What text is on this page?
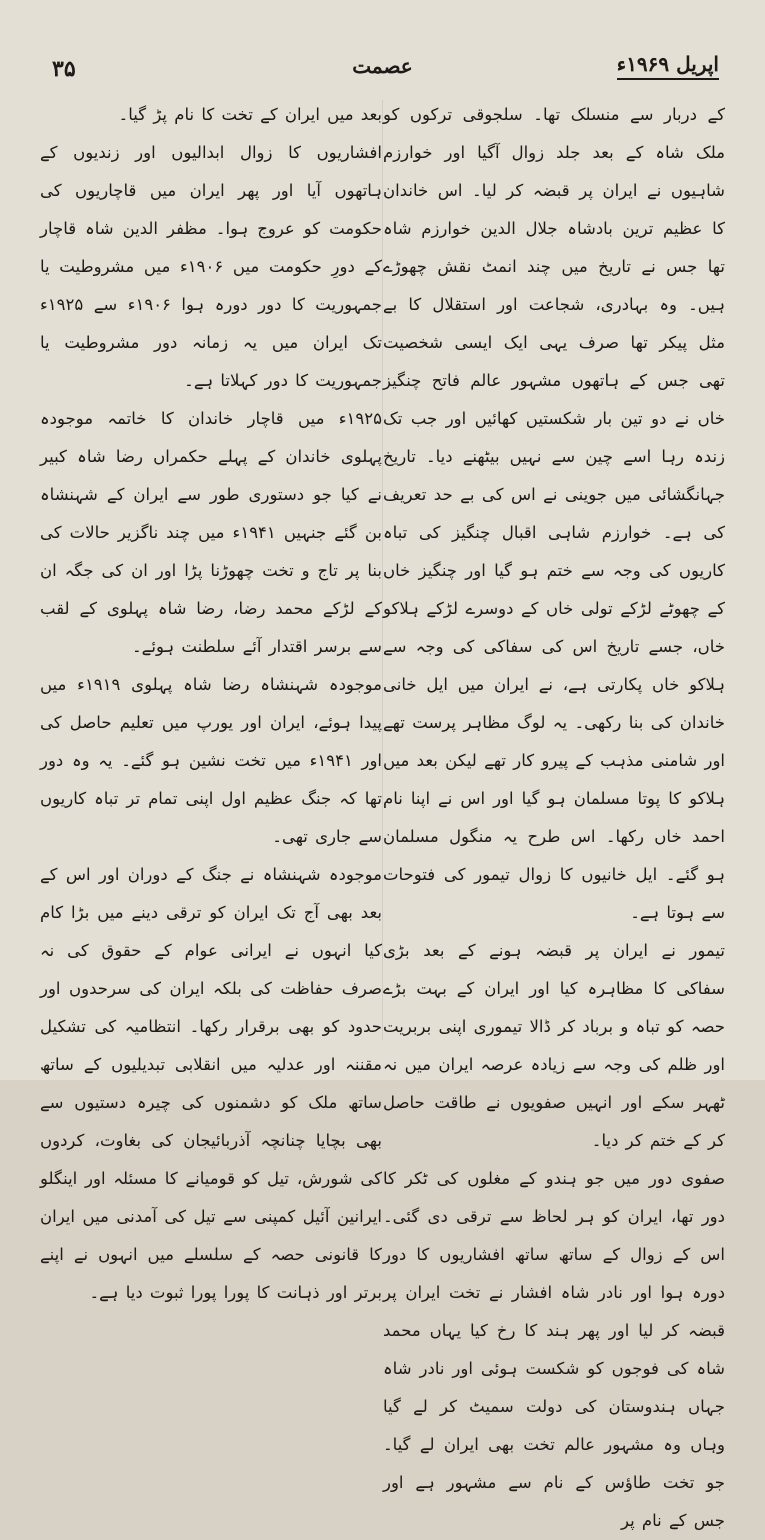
۳۵	عصمت	اپریل ۱۹۶۹ء

کے دربار سے منسلک تھا۔ سلجوقی ترکوں کو ملک شاہ کے بعد جلد زوال آگیا اور خوارزم شاہیوں نے ایران پر قبضہ کر لیا۔ اس خاندان کا عظیم ترین بادشاہ جلال الدین خوارزم شاہ تھا جس نے تاریخ میں چند انمٹ نقش چھوڑے ہیں۔ وہ بہادری، شجاعت اور استقلال کا بے مثل پیکر تھا صرف یہی ایک ایسی شخصیت تھی جس کے ہاتھوں مشہور عالم فاتح چنگیز خاں نے دو تین بار شکستیں کھائیں اور جب تک زندہ رہا اسے چین سے نہیں بیٹھنے دیا۔ تاریخ جہانگشائی میں جوینی نے اس کی بے حد تعریف کی ہے۔ خوارزم شاہی اقبال چنگیز کی تباہ کاریوں کی وجہ سے ختم ہو گیا اور چنگیز خاں کے چھوٹے لڑکے تولی خاں کے دوسرے لڑکے ہلاکو خاں، جسے تاریخ اس کی سفاکی کی وجہ سے ہلاکو خاں پکارتی ہے، نے ایران میں ایل خانی خاندان کی بنا رکھی۔ یہ لوگ مظاہر پرست تھے اور شامنی مذہب کے پیرو کار تھے لیکن بعد میں ہلاکو کا پوتا مسلمان ہو گیا اور اس نے اپنا نام احمد خاں رکھا۔ اس طرح یہ منگول مسلمان ہو گئے۔ ایل خانیوں کا زوال تیمور کی فتوحات سے ہوتا ہے۔

تیمور نے ایران پر قبضہ ہونے کے بعد بڑی سفاکی کا مظاہرہ کیا اور ایران کے بہت بڑے حصہ کو تباہ و برباد کر ڈالا تیموری اپنی بربریت اور ظلم کی وجہ سے زیادہ عرصہ ایران میں نہ ٹھہر سکے اور انہیں صفویوں نے طاقت حاصل کر کے ختم کر دیا۔

صفوی دور میں جو ہندو کے مغلوں کی ٹکر کا دور تھا، ایران کو ہر لحاظ سے ترقی دی گئی۔ اس کے زوال کے ساتھ ساتھ افشاریوں کا دور دورہ ہوا اور نادر شاہ افشار نے تخت ایران پر قبضہ کر لیا اور پھر ہند کا رخ کیا یہاں محمد شاہ کی فوجوں کو شکست ہوئی اور نادر شاہ جہاں ہندوستان کی دولت سمیٹ کر لے گیا وہاں وہ مشہور عالم تخت بھی ایران لے گیا۔ جو تخت طاؤس کے نام سے مشہور ہے اور جس کے نام پر

بعد میں ایران کے تخت کا نام پڑ گیا۔

افشاریوں کا زوال ابدالیوں اور زندیوں کے ہاتھوں آیا اور پھر ایران میں قاچاریوں کی حکومت کو عروج ہوا۔ مظفر الدین شاہ قاچار کے دورِ حکومت میں ۱۹۰۶ء میں مشروطیت یا جمہوریت کا دور دورہ ہوا ۱۹۰۶ء سے ۱۹۲۵ء تک ایران میں یہ زمانہ دور مشروطیت یا جمہوریت کا دور کہلاتا ہے۔

۱۹۲۵ء میں قاچار خاندان کا خاتمہ موجودہ پہلوی خاندان کے پہلے حکمراں رضا شاہ کبیر نے کیا جو دستوری طور سے ایران کے شہنشاہ بن گئے جنہیں ۱۹۴۱ء میں چند ناگزیر حالات کی بنا پر تاج و تخت چھوڑنا پڑا اور ان کی جگہ ان کے لڑکے محمد رضا، رضا شاہ پہلوی کے لقب سے برسر اقتدار آئے سلطنت ہوئے۔

موجودہ شہنشاہ رضا شاہ پہلوی ۱۹۱۹ء میں پیدا ہوئے، ایران اور یورپ میں تعلیم حاصل کی اور ۱۹۴۱ء میں تخت نشین ہو گئے۔ یہ وہ دور تھا کہ جنگ عظیم اول اپنی تمام تر تباہ کاریوں سے جاری تھی۔

موجودہ شہنشاہ نے جنگ کے دوران اور اس کے بعد بھی آج تک ایران کو ترقی دینے میں بڑا کام کیا انہوں نے ایرانی عوام کے حقوق کی نہ صرف حفاظت کی بلکہ ایران کی سرحدوں اور حدود کو بھی برقرار رکھا۔ انتظامیہ کی تشکیل مقننہ اور عدلیہ میں انقلابی تبدیلیوں کے ساتھ ساتھ ملک کو دشمنوں کی چیرہ دستیوں سے بھی بچایا چنانچہ آذربائیجان کی بغاوت، کردوں کی شورش، تیل کو قومیانے کا مسئلہ اور اینگلو ایرانین آئیل کمپنی سے تیل کی آمدنی میں ایران کا قانونی حصہ کے سلسلے میں انہوں نے اپنے برتر اور ذہانت کا پورا پورا ثبوت دیا ہے۔
